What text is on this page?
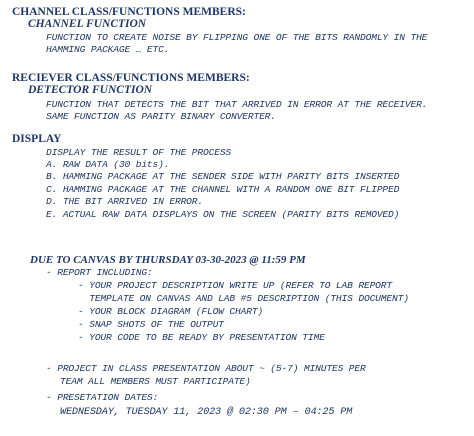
CHANNEL CLASS/FUNCTIONS MEMBERS:
CHANNEL FUNCTION
FUNCTION TO CREATE NOISE BY FLIPPING ONE OF THE BITS RANDOMLY IN THE
HAMMING PACKAGE … ETC.
RECIEVER CLASS/FUNCTIONS MEMBERS:
DETECTOR FUNCTION
FUNCTION THAT DETECTS THE BIT THAT ARRIVED IN ERROR AT THE RECEIVER.
SAME FUNCTION AS PARITY BINARY CONVERTER.
DISPLAY
DISPLAY THE RESULT OF THE PROCESS
A. RAW DATA (30 bits).
B. HAMMING PACKAGE AT THE SENDER SIDE WITH PARITY BITS INSERTED
C. HAMMING PACKAGE AT THE CHANNEL WITH A RANDOM ONE BIT FLIPPED
D. THE BIT ARRIVED IN ERROR.
E. ACTUAL RAW DATA DISPLAYS ON THE SCREEN (PARITY BITS REMOVED)
DUE TO CANVAS BY THURSDAY 03-30-2023 @ 11:59 PM
- REPORT INCLUDING:
- YOUR PROJECT DESCRIPTION WRITE UP (REFER TO LAB REPORT
TEMPLATE ON CANVAS AND LAB #5 DESCRIPTION (THIS DOCUMENT)
- YOUR BLOCK DIAGRAM (FLOW CHART)
- SNAP SHOTS OF THE OUTPUT
- YOUR CODE TO BE READY BY PRESENTATION TIME
- PROJECT IN CLASS PRESENTATION ABOUT ~ (5-7) MINUTES PER
TEAM ALL MEMBERS MUST PARTICIPATE)
- PRESETATION DATES:
WEDNESDAY, TUESDAY 11, 2023 @ 02:30 PM – 04:25 PM
